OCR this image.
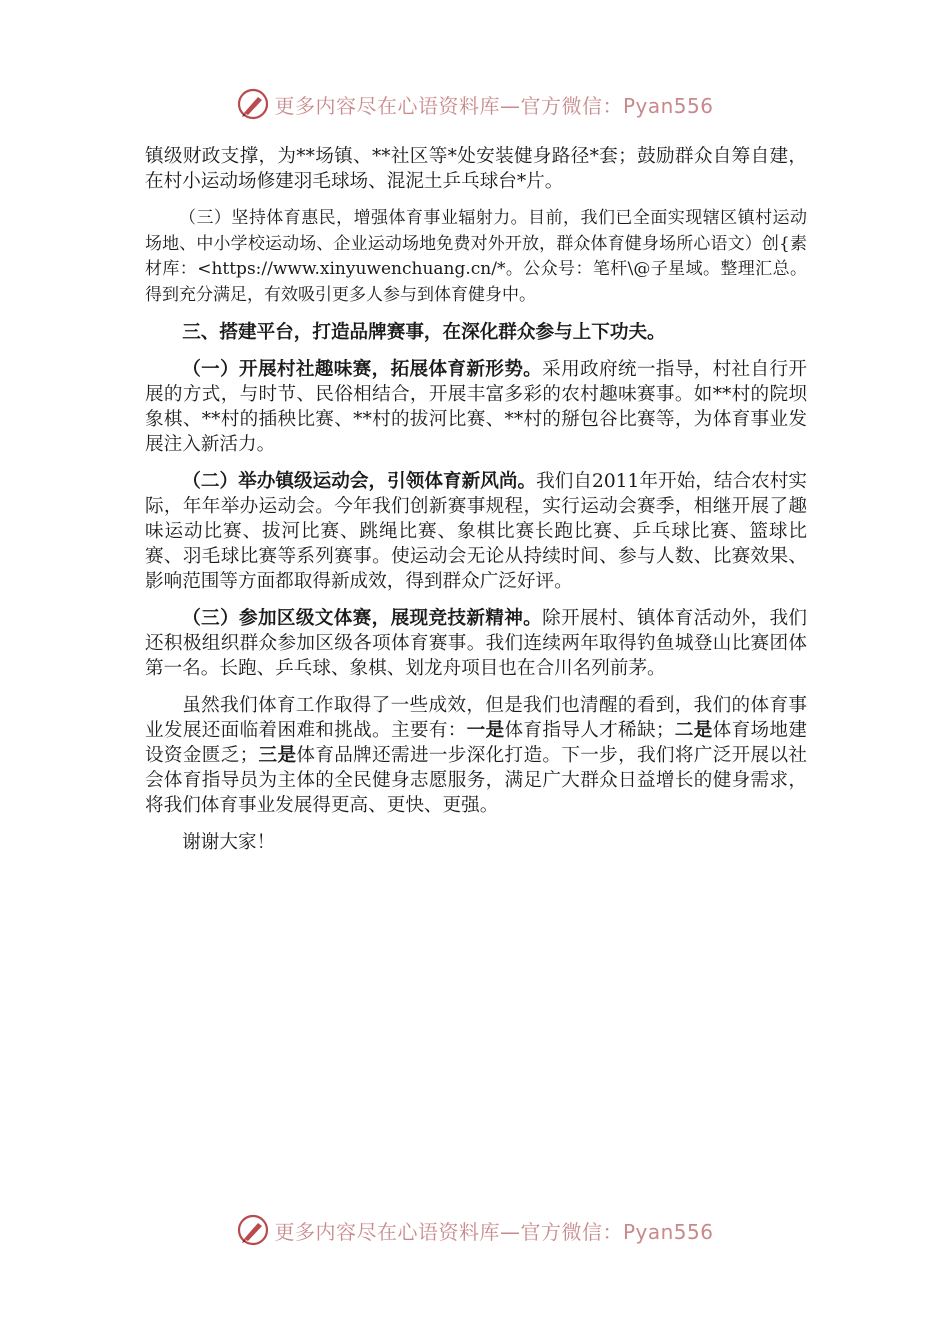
更多内容尽在心语资料库—官方微信：Pyan556

镇级财政支撑，为**场镇、**社区等*处安装健身路径*套；鼓励群众自筹自建，在村小运动场修建羽毛球场、混泥土乒乓球台*片。

（三）坚持体育惠民，增强体育事业辐射力。目前，我们已全面实现辖区镇村运动场地、中小学校运动场、企业运动场地免费对外开放，群众体育健身场所心语文）创{素材库：<https://www.xinyuwenchuang.cn/*。公众号：笔杆\@子星域。整理汇总。得到充分满足，有效吸引更多人参与到体育健身中。

三、搭建平台，打造品牌赛事，在深化群众参与上下功夫。

（一）开展村社趣味赛，拓展体育新形势。采用政府统一指导，村社自行开展的方式，与时节、民俗相结合，开展丰富多彩的农村趣味赛事。如**村的院坝象棋、**村的插秧比赛、**村的拔河比赛、**村的掰包谷比赛等，为体育事业发展注入新活力。

（二）举办镇级运动会，引领体育新风尚。我们自2011年开始，结合农村实际，年年举办运动会。今年我们创新赛事规程，实行运动会赛季，相继开展了趣味运动比赛、拔河比赛、跳绳比赛、象棋比赛长跑比赛、乒乓球比赛、篮球比赛、羽毛球比赛等系列赛事。使运动会无论从持续时间、参与人数、比赛效果、影响范围等方面都取得新成效，得到群众广泛好评。

（三）参加区级文体赛，展现竞技新精神。除开展村、镇体育活动外，我们还积极组织群众参加区级各项体育赛事。我们连续两年取得钓鱼城登山比赛团体第一名。长跑、乒乓球、象棋、划龙舟项目也在合川名列前茅。

虽然我们体育工作取得了一些成效，但是我们也清醒的看到，我们的体育事业发展还面临着困难和挑战。主要有：一是体育指导人才稀缺；二是体育场地建设资金匮乏；三是体育品牌还需进一步深化打造。下一步，我们将广泛开展以社会体育指导员为主体的全民健身志愿服务，满足广大群众日益增长的健身需求，将我们体育事业发展得更高、更快、更强。

谢谢大家！

更多内容尽在心语资料库—官方微信：Pyan556
